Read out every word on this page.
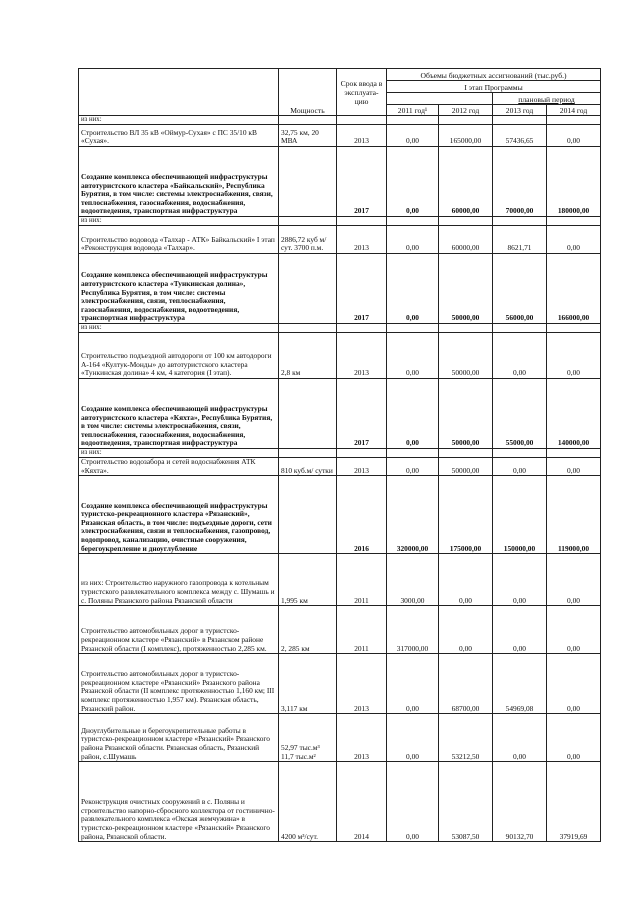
	Мощность	Срок ввода в эксплуата-цию	Объемы бюджетных ассигнований (тыс.руб.)			
			I этап Программы			
					плановый период	
			2011 год¹	2012 год	2013 год	2014 год
из них:						
Строительство ВЛ 35 кВ «Оймур-Сухая» с ПС 35/10 кВ «Сухая».	32,75 км, 20 МВА	2013	0,00	165000,00	57436,65	0,00
Создание комплекса обеспечивающей инфраструктуры автотуристского кластера «Байкальский», Республика Бурятия, в том числе: системы электроснабжения, связи, теплоснабжения, газоснабжения, водоснабжения, водоотведения, транспортная инфраструктура		2017	0,00	60000,00	70000,00	180000,00
из них:						
Строительство водовода «Талхар - АТК» Байкальский» I этап «Реконструкция водовода «Талхар».	2886,72 куб м/сут. 3700 п.м.	2013	0,00	60000,00	8621,71	0,00
Создание комплекса обеспечивающей инфраструктуры автотуристского кластера «Тункинская долина», Республика Бурятия, в том числе: системы электроснабжения, связи, теплоснабжения, газоснабжения, водоснабжения, водоотведения, транспортная инфраструктура		2017	0,00	50000,00	56000,00	166000,00
из них:						
Строительство подъездной автодороги от 100 км автодороги А-164 «Култук-Монды» до автотуристского кластера «Тункинская долина» 4 км, 4 категория (I этап).	2,8 км	2013	0,00	50000,00	0,00	0,00
Создание комплекса обеспечивающей инфраструктуры автотуристского кластера «Кяхта», Республика Бурятия, в том числе: системы электроснабжения, связи, теплоснабжения, газоснабжения, водоснабжения, водоотведения, транспортная инфраструктура		2017	0,00	50000,00	55000,00	140000,00
из них:						
Строительство водозабора и сетей водоснабжения АТК «Кяхта».	810 куб.м/ сутки	2013	0,00	50000,00	0,00	0,00
Создание комплекса обеспечивающей инфраструктуры туристско-рекреационного кластера «Рязанский», Рязанская область, в том числе: подъездные дороги, сети электроснабжения, связи и теплоснабжения, газопровод, водопровод, канализацию, очистные сооружения, берегоукрепление и дноуглубление		2016	320000,00	175000,00	150000,00	119000,00
из них: Строительство наружного газопровода к котельным туристского развлекательного комплекса между с. Шумашь и с. Поляны Рязанского района Рязанской области	1,995 км	2011	3000,00	0,00	0,00	0,00
Строительство автомобильных дорог в туристско-рекреационном кластере «Рязанский» в Рязанском районе Рязанской области (I комплекс), протяженностью 2,285 км.	2, 285 км	2011	317000,00	0,00	0,00	0,00
Строительство автомобильных дорог в туристско-рекреационном кластере «Рязанский» Рязанского района Рязанской области (II комплекс протяженностью 1,160 км; III комплекс протяженностью 1,957 км). Рязанская область, Рязанский район.	3,117 км	2013	0,00	68700,00	54969,08	0,00
Дноуглубительные и берегоукрепительные работы в туристско-рекреационном кластере «Рязанский» Рязанского района Рязанской области. Рязанская область, Рязанский район, с.Шумашь	52,97 тыс.м³ 11,7 тыс.м²	2013	0,00	53212,50	0,00	0,00
Реконструкция очистных сооружений в с. Поляны и строительство напорно-сбросного коллектора от гостинично-развлекательного комплекса «Окская жемчужина» в туристско-рекреационном кластере «Рязанский» Рязанского района, Рязанской области.	4200 м³/сут.	2014	0,00	53087,50	90132,70	37919,69
